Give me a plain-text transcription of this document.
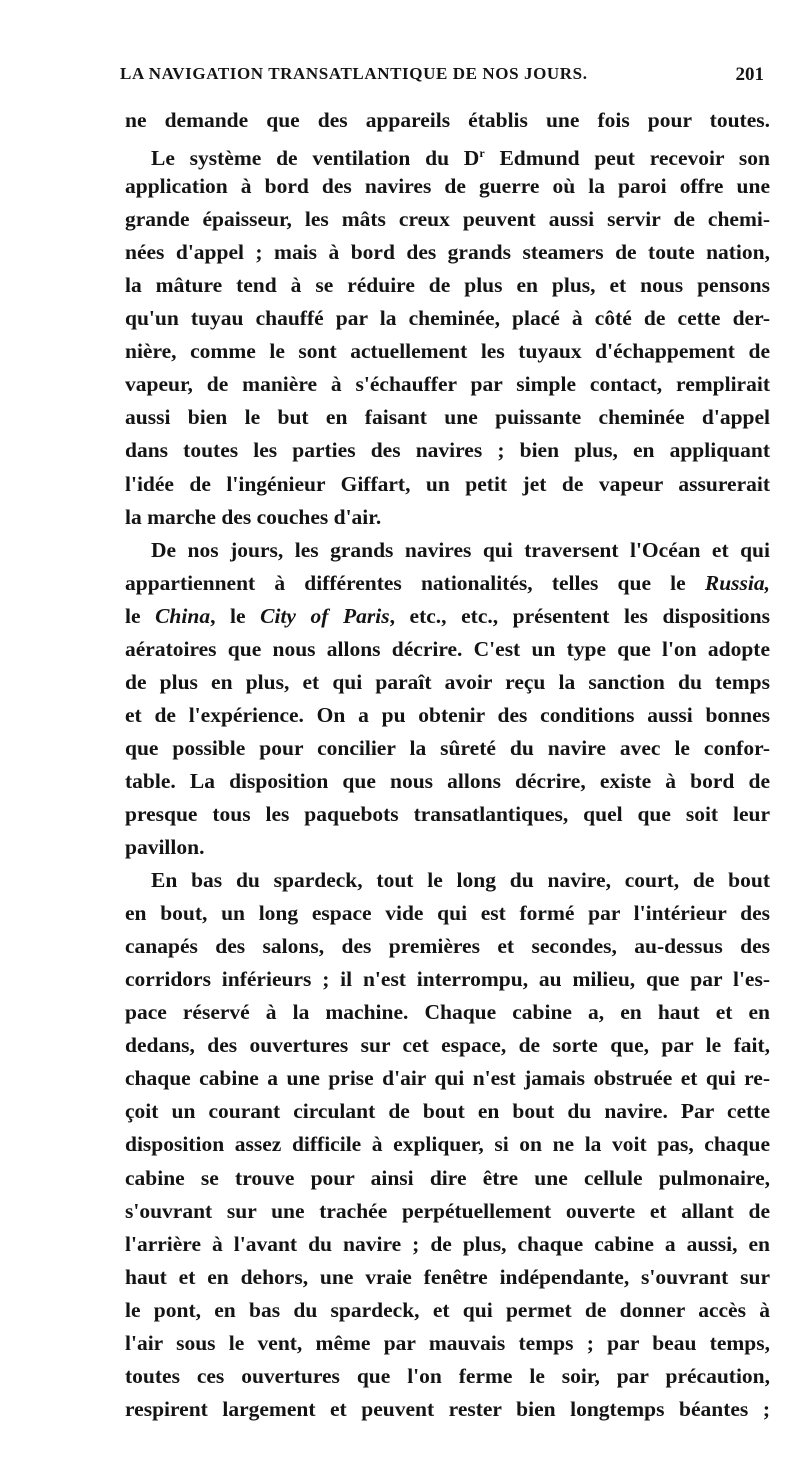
LA NAVIGATION TRANSATLANTIQUE DE NOS JOURS.	201
ne demande que des appareils établis une fois pour toutes.
Le système de ventilation du $D^r$ Edmund peut recevoir son
application à bord des navires de guerre où la paroi offre une
grande épaisseur, les mâts creux peuvent aussi servir de chemi-
nées d'appel ; mais à bord des grands steamers de toute nation,
la mâture tend à se réduire de plus en plus, et nous pensons
qu'un tuyau chauffé par la cheminée, placé à côté de cette der-
nière, comme le sont actuellement les tuyaux d'échappement de
vapeur, de manière à s'échauffer par simple contact, remplirait
aussi bien le but en faisant une puissante cheminée d'appel
dans toutes les parties des navires ; bien plus, en appliquant
l'idée de l'ingénieur Giffart, un petit jet de vapeur assurerait
la marche des couches d'air.
De nos jours, les grands navires qui traversent l'Océan et qui
appartiennent à différentes nationalités, telles que le Russia,
le China, le City of Paris, etc., etc., présentent les dispositions
aératoires que nous allons décrire. C'est un type que l'on adopte
de plus en plus, et qui paraît avoir reçu la sanction du temps
et de l'expérience. On a pu obtenir des conditions aussi bonnes
que possible pour concilier la sûreté du navire avec le confor-
table. La disposition que nous allons décrire, existe à bord de
presque tous les paquebots transatlantiques, quel que soit leur
pavillon.
En bas du spardeck, tout le long du navire, court, de bout
en bout, un long espace vide qui est formé par l'intérieur des
canapés des salons, des premières et secondes, au-dessus des
corridors inférieurs ; il n'est interrompu, au milieu, que par l'es-
pace réservé à la machine. Chaque cabine a, en haut et en
dedans, des ouvertures sur cet espace, de sorte que, par le fait,
chaque cabine a une prise d'air qui n'est jamais obstruée et qui re-
çoit un courant circulant de bout en bout du navire. Par cette
disposition assez difficile à expliquer, si on ne la voit pas, chaque
cabine se trouve pour ainsi dire être une cellule pulmonaire,
s'ouvrant sur une trachée perpétuellement ouverte et allant de
l'arrière à l'avant du navire ; de plus, chaque cabine a aussi, en
haut et en dehors, une vraie fenêtre indépendante, s'ouvrant sur
le pont, en bas du spardeck, et qui permet de donner accès à
l'air sous le vent, même par mauvais temps ; par beau temps,
toutes ces ouvertures que l'on ferme le soir, par précaution,
respirent largement et peuvent rester bien longtemps béantes ;
